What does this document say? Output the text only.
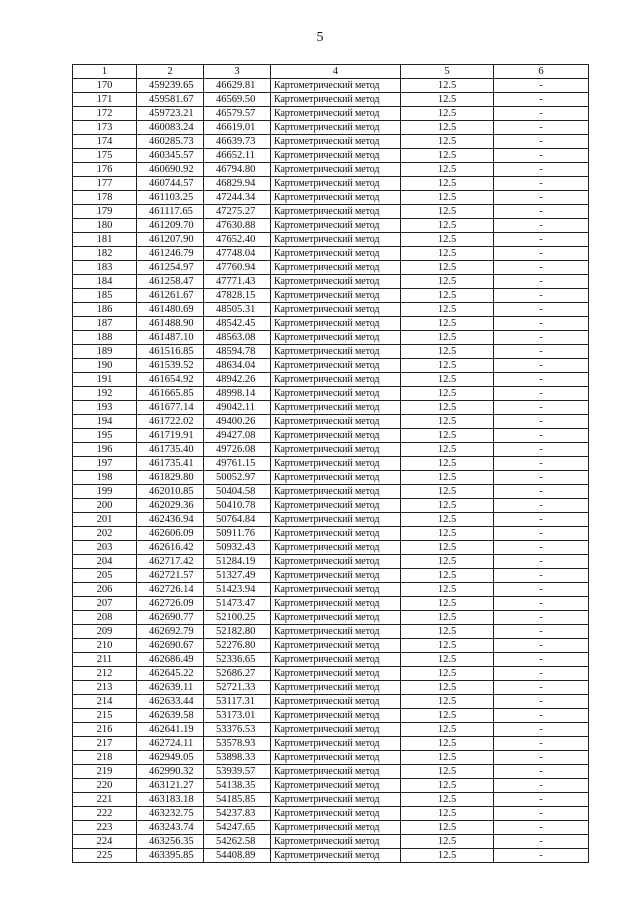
5
1	2	3	4	5	6
170	459239.65	46629.81	Картометрический метод	12.5	-
171	459581.67	46569.50	Картометрический метод	12.5	-
172	459723.21	46579.57	Картометрический метод	12.5	-
173	460083.24	46619.01	Картометрический метод	12.5	-
174	460285.73	46639.73	Картометрический метод	12.5	-
175	460345.57	46652.11	Картометрический метод	12.5	-
176	460690.92	46794.80	Картометрический метод	12.5	-
177	460744.57	46829.94	Картометрический метод	12.5	-
178	461103.25	47244.34	Картометрический метод	12.5	-
179	461117.65	47275.27	Картометрический метод	12.5	-
180	461209.70	47630.88	Картометрический метод	12.5	-
181	461207.90	47652.40	Картометрический метод	12.5	-
182	461246.79	47748.04	Картометрический метод	12.5	-
183	461254.97	47760.94	Картометрический метод	12.5	-
184	461258.47	47771.43	Картометрический метод	12.5	-
185	461261.67	47828.15	Картометрический метод	12.5	-
186	461480.69	48505.31	Картометрический метод	12.5	-
187	461488.90	48542.45	Картометрический метод	12.5	-
188	461487.10	48563.08	Картометрический метод	12.5	-
189	461516.85	48594.78	Картометрический метод	12.5	-
190	461539.52	48634.04	Картометрический метод	12.5	-
191	461654.92	48942.26	Картометрический метод	12.5	-
192	461665.85	48998.14	Картометрический метод	12.5	-
193	461677.14	49042.11	Картометрический метод	12.5	-
194	461722.02	49400.26	Картометрический метод	12.5	-
195	461719.91	49427.08	Картометрический метод	12.5	-
196	461735.40	49726.08	Картометрический метод	12.5	-
197	461735.41	49761.15	Картометрический метод	12.5	-
198	461829.80	50052.97	Картометрический метод	12.5	-
199	462010.85	50404.58	Картометрический метод	12.5	-
200	462029.36	50410.78	Картометрический метод	12.5	-
201	462436.94	50764.84	Картометрический метод	12.5	-
202	462606.09	50911.76	Картометрический метод	12.5	-
203	462616.42	50932.43	Картометрический метод	12.5	-
204	462717.42	51284.19	Картометрический метод	12.5	-
205	462721.57	51327.49	Картометрический метод	12.5	-
206	462726.14	51423.94	Картометрический метод	12.5	-
207	462726.09	51473.47	Картометрический метод	12.5	-
208	462690.77	52100.25	Картометрический метод	12.5	-
209	462692.79	52182.80	Картометрический метод	12.5	-
210	462690.67	52276.80	Картометрический метод	12.5	-
211	462686.49	52336.65	Картометрический метод	12.5	-
212	462645.22	52686.27	Картометрический метод	12.5	-
213	462639.11	52721.33	Картометрический метод	12.5	-
214	462633.44	53117.31	Картометрический метод	12.5	-
215	462639.58	53173.01	Картометрический метод	12.5	-
216	462641.19	53376.53	Картометрический метод	12.5	-
217	462724.11	53578.93	Картометрический метод	12.5	-
218	462949.05	53898.33	Картометрический метод	12.5	-
219	462990.32	53939.57	Картометрический метод	12.5	-
220	463121.27	54138.35	Картометрический метод	12.5	-
221	463183.18	54185.85	Картометрический метод	12.5	-
222	463232.75	54237.83	Картометрический метод	12.5	-
223	463243.74	54247.65	Картометрический метод	12.5	-
224	463256.35	54262.58	Картометрический метод	12.5	-
225	463395.85	54408.89	Картометрический метод	12.5	-
